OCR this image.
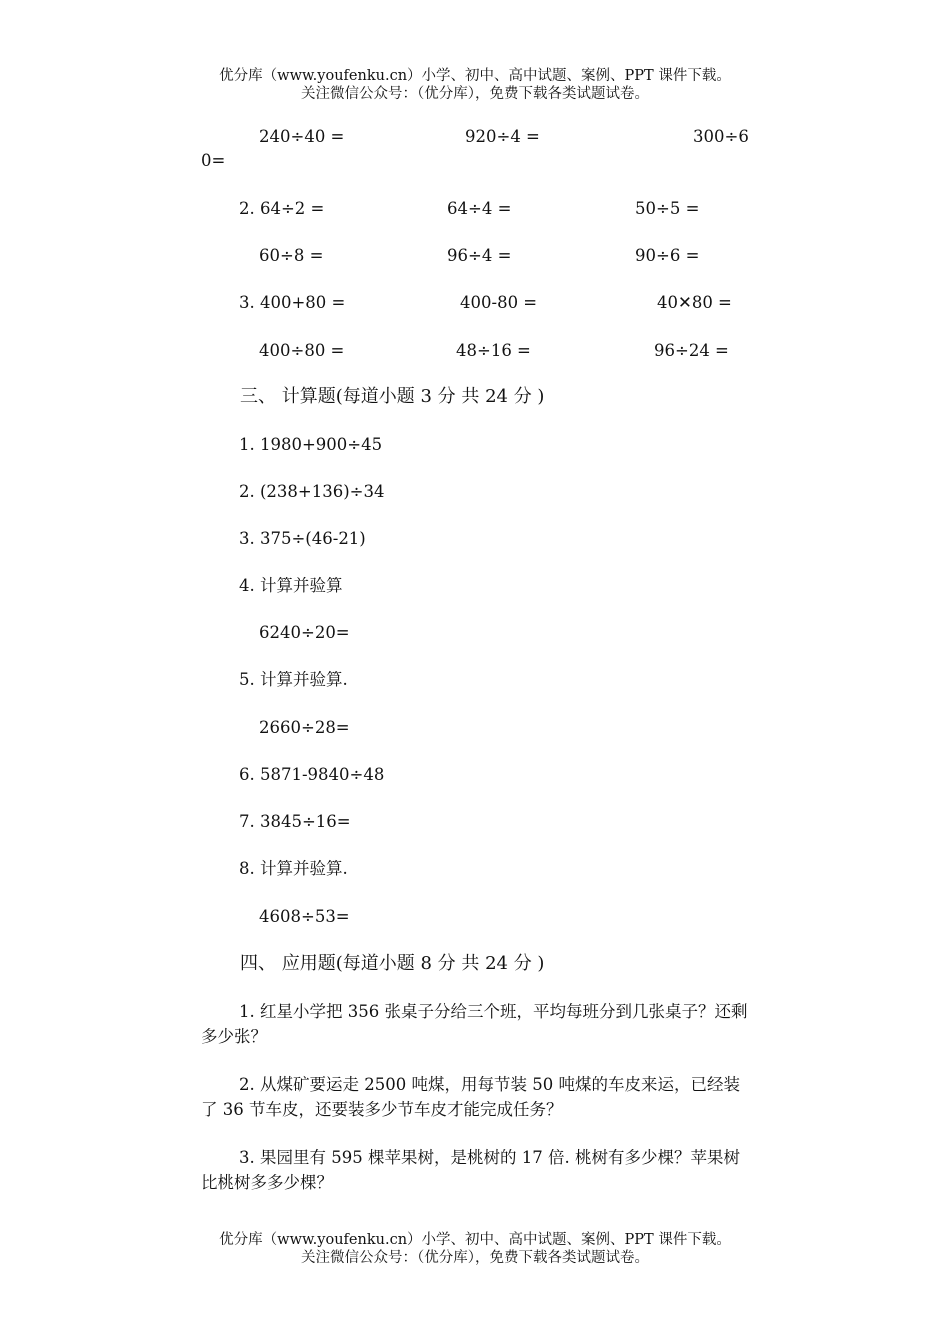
优分库（www.youfenku.cn）小学、初中、高中试题、案例、PPT 课件下载。
关注微信公众号：（优分库），免费下载各类试题试卷。
240÷40 =	920÷4 =	300÷6
0=
2. 64÷2 =	64÷4 =	50÷5 =
60÷8 =	96÷4 =	90÷6 =
3. 400+80 =	400-80 =	40✕80 =
400÷80 =	48÷16 =	96÷24 =
三、 计算题(每道小题 3 分 共 24 分 )
1. 1980+900÷45
2. (238+136)÷34
3. 375÷(46-21)
4. 计算并验算
6240÷20=
5. 计算并验算.
2660÷28=
6. 5871-9840÷48
7. 3845÷16=
8. 计算并验算.
4608÷53=
四、 应用题(每道小题 8 分 共 24 分 )
1. 红星小学把 356 张桌子分给三个班，平均每班分到几张桌子？还剩多少张？
2. 从煤矿要运走 2500 吨煤，用每节装 50 吨煤的车皮来运，已经装了 36 节车皮，还要装多少节车皮才能完成任务？
3. 果园里有 595 棵苹果树，是桃树的 17 倍. 桃树有多少棵？苹果树比桃树多多少棵？
优分库（www.youfenku.cn）小学、初中、高中试题、案例、PPT 课件下载。
关注微信公众号：（优分库），免费下载各类试题试卷。
